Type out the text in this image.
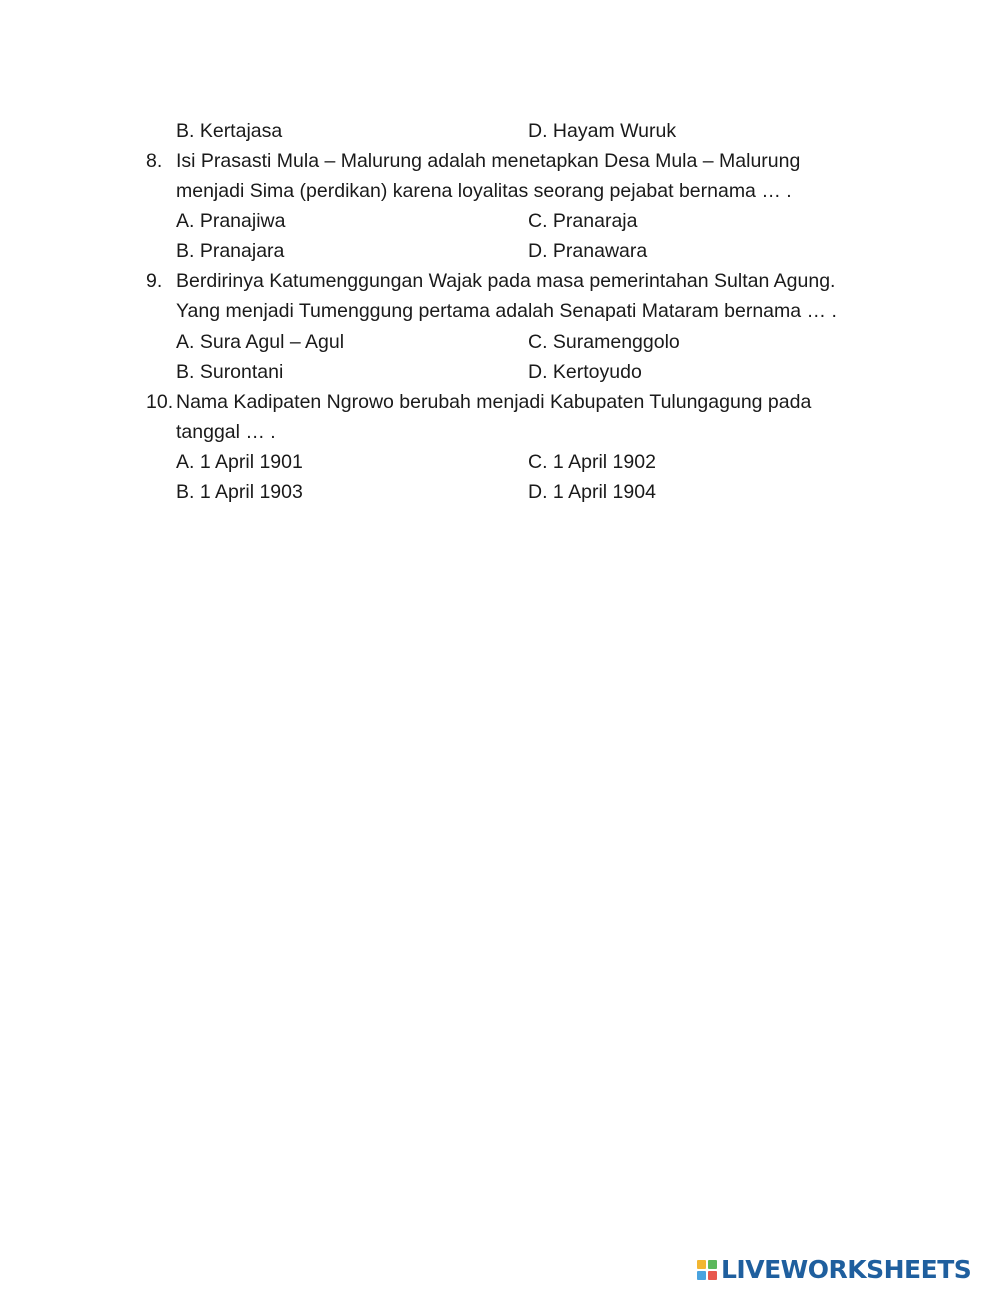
B. Kertajasa	D. Hayam Wuruk
8. Isi Prasasti Mula – Malurung adalah menetapkan Desa Mula – Malurung
menjadi Sima (perdikan) karena loyalitas seorang pejabat bernama … .
A. Pranajiwa	C. Pranaraja
B. Pranajara	D. Pranawara
9. Berdirinya Katumenggungan Wajak pada masa pemerintahan Sultan Agung.
Yang menjadi Tumenggung pertama adalah Senapati Mataram bernama … .
A. Sura Agul – Agul	C. Suramenggolo
B. Surontani	D. Kertoyudo
10. Nama Kadipaten Ngrowo berubah menjadi Kabupaten Tulungagung pada
tanggal … .
A. 1 April 1901	C. 1 April 1902
B. 1 April 1903	D. 1 April 1904
LIVEWORKSHEETS
